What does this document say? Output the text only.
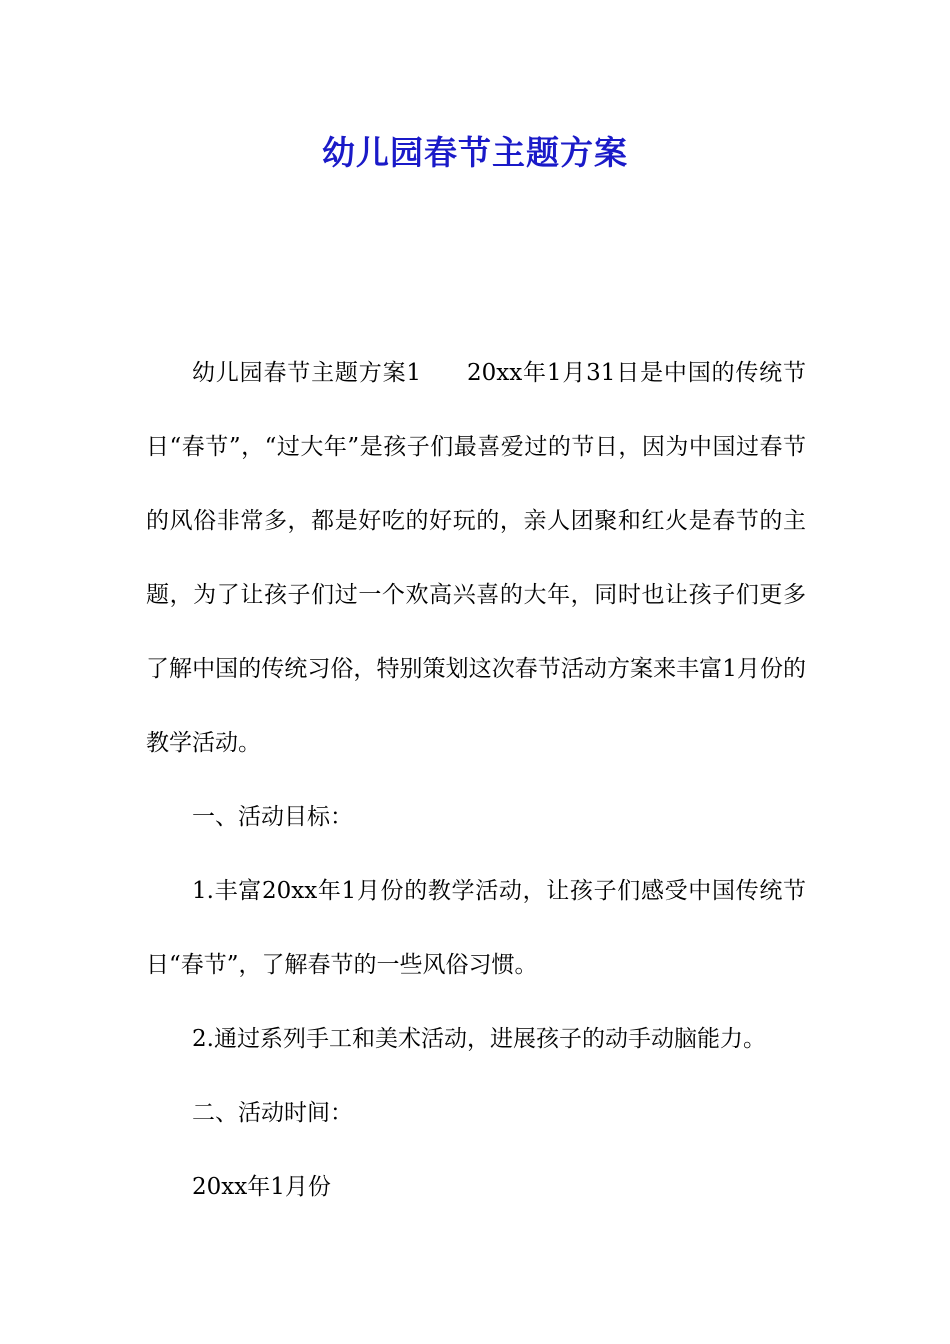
幼儿园春节主题方案

幼儿园春节主题方案1 20xx年1月31日是中国的传统节日“春节”，“过大年”是孩子们最喜爱过的节日，因为中国过春节的风俗非常多，都是好吃的好玩的，亲人团聚和红火是春节的主题，为了让孩子们过一个欢高兴喜的大年，同时也让孩子们更多了解中国的传统习俗，特别策划这次春节活动方案来丰富1月份的教学活动。

一、活动目标：

1.丰富20xx年1月份的教学活动，让孩子们感受中国传统节日“春节”，了解春节的一些风俗习惯。

2.通过系列手工和美术活动，进展孩子的动手动脑能力。

二、活动时间：

20xx年1月份
